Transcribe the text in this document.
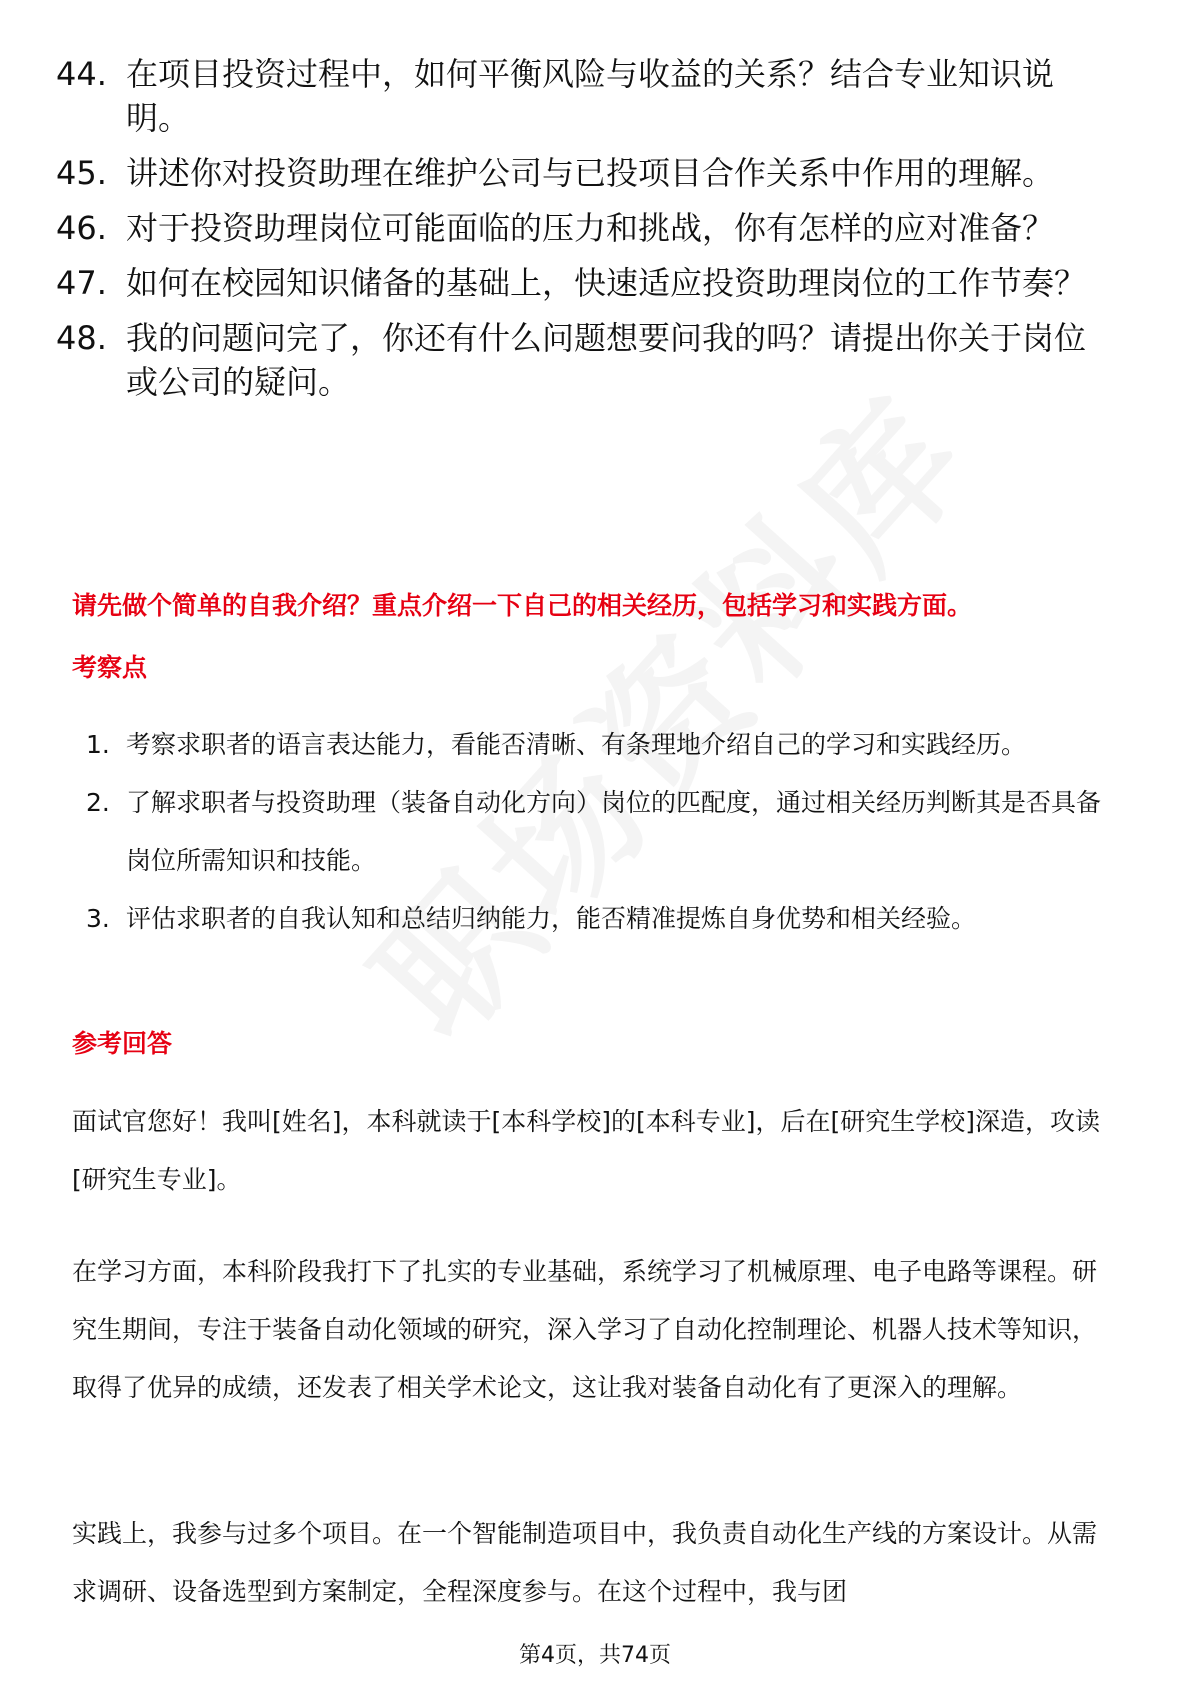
44. 在项目投资过程中，如何平衡风险与收益的关系？结合专业知识说明。
45. 讲述你对投资助理在维护公司与已投项目合作关系中作用的理解。
46. 对于投资助理岗位可能面临的压力和挑战，你有怎样的应对准备？
47. 如何在校园知识储备的基础上，快速适应投资助理岗位的工作节奏？
48. 我的问题问完了，你还有什么问题想要问我的吗？请提出你关于岗位或公司的疑问。
请先做个简单的自我介绍？重点介绍一下自己的相关经历，包括学习和实践方面。
考察点
1. 考察求职者的语言表达能力，看能否清晰、有条理地介绍自己的学习和实践经历。
2. 了解求职者与投资助理（装备自动化方向）岗位的匹配度，通过相关经历判断其是否具备岗位所需知识和技能。
3. 评估求职者的自我认知和总结归纳能力，能否精准提炼自身优势和相关经验。
参考回答
面试官您好！我叫[姓名]，本科就读于[本科学校]的[本科专业]，后在[研究生学校]深造，攻读[研究生专业]。
在学习方面，本科阶段我打下了扎实的专业基础，系统学习了机械原理、电子电路等课程。研究生期间，专注于装备自动化领域的研究，深入学习了自动化控制理论、机器人技术等知识，取得了优异的成绩，还发表了相关学术论文，这让我对装备自动化有了更深入的理解。
实践上，我参与过多个项目。在一个智能制造项目中，我负责自动化生产线的方案设计。从需求调研、设备选型到方案制定，全程深度参与。在这个过程中，我与团
第4页，共74页
